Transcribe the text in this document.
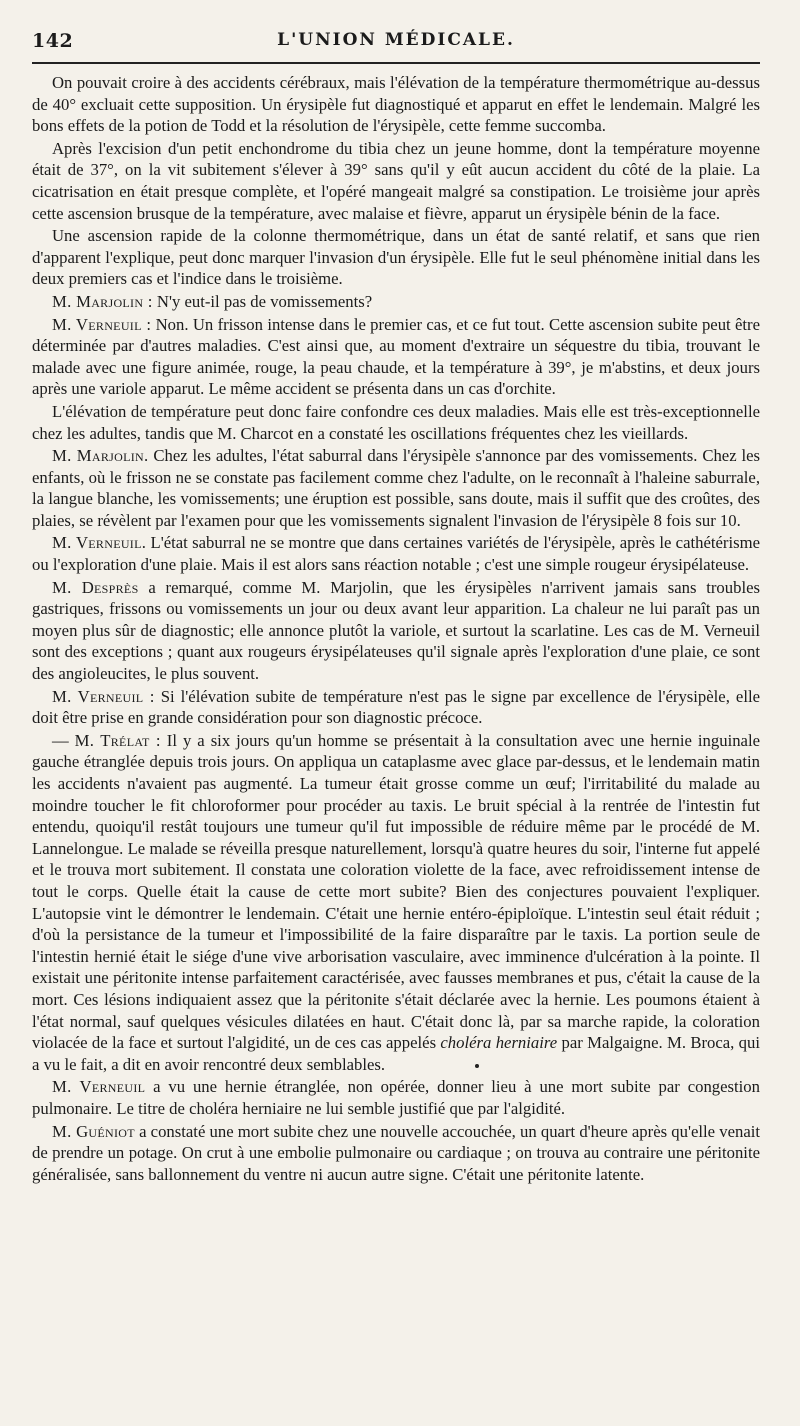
142	L'UNION MÉDICALE.

On pouvait croire à des accidents cérébraux, mais l'élévation de la température thermométrique au-dessus de 40° excluait cette supposition. Un érysipèle fut diagnostiqué et apparut en effet le lendemain. Malgré les bons effets de la potion de Todd et la résolution de l'érysipèle, cette femme succomba.

Après l'excision d'un petit enchondrome du tibia chez un jeune homme, dont la température moyenne était de 37°, on la vit subitement s'élever à 39° sans qu'il y eût aucun accident du côté de la plaie. La cicatrisation en était presque complète, et l'opéré mangeait malgré sa constipation. Le troisième jour après cette ascension brusque de la température, avec malaise et fièvre, apparut un érysipèle bénin de la face.

Une ascension rapide de la colonne thermométrique, dans un état de santé relatif, et sans que rien d'apparent l'explique, peut donc marquer l'invasion d'un érysipèle. Elle fut le seul phénomène initial dans les deux premiers cas et l'indice dans le troisième.

M. Marjolin : N'y eut-il pas de vomissements?

M. Verneuil : Non. Un frisson intense dans le premier cas, et ce fut tout. Cette ascension subite peut être déterminée par d'autres maladies. C'est ainsi que, au moment d'extraire un séquestre du tibia, trouvant le malade avec une figure animée, rouge, la peau chaude, et la température à 39°, je m'abstins, et deux jours après une variole apparut. Le même accident se présenta dans un cas d'orchite.

L'élévation de température peut donc faire confondre ces deux maladies. Mais elle est très-exceptionnelle chez les adultes, tandis que M. Charcot en a constaté les oscillations fréquentes chez les vieillards.

M. Marjolin. Chez les adultes, l'état saburral dans l'érysipèle s'annonce par des vomissements. Chez les enfants, où le frisson ne se constate pas facilement comme chez l'adulte, on le reconnaît à l'haleine saburrale, la langue blanche, les vomissements; une éruption est possible, sans doute, mais il suffit que des croûtes, des plaies, se révèlent par l'examen pour que les vomissements signalent l'invasion de l'érysipèle 8 fois sur 10.

M. Verneuil. L'état saburral ne se montre que dans certaines variétés de l'érysipèle, après le cathétérisme ou l'exploration d'une plaie. Mais il est alors sans réaction notable ; c'est une simple rougeur érysipélateuse.

M. Desprès a remarqué, comme M. Marjolin, que les érysipèles n'arrivent jamais sans troubles gastriques, frissons ou vomissements un jour ou deux avant leur apparition. La chaleur ne lui paraît pas un moyen plus sûr de diagnostic; elle annonce plutôt la variole, et surtout la scarlatine. Les cas de M. Verneuil sont des exceptions ; quant aux rougeurs érysipélateuses qu'il signale après l'exploration d'une plaie, ce sont des angioleucites, le plus souvent.

M. Verneuil : Si l'élévation subite de température n'est pas le signe par excellence de l'érysipèle, elle doit être prise en grande considération pour son diagnostic précoce.

— M. Trélat : Il y a six jours qu'un homme se présentait à la consultation avec une hernie inguinale gauche étranglée depuis trois jours. On appliqua un cataplasme avec glace par-dessus, et le lendemain matin les accidents n'avaient pas augmenté. La tumeur était grosse comme un œuf; l'irritabilité du malade au moindre toucher le fit chloroformer pour procéder au taxis. Le bruit spécial à la rentrée de l'intestin fut entendu, quoiqu'il restât toujours une tumeur qu'il fut impossible de réduire même par le procédé de M. Lannelongue. Le malade se réveilla presque naturellement, lorsqu'à quatre heures du soir, l'interne fut appelé et le trouva mort subitement. Il constata une coloration violette de la face, avec refroidissement intense de tout le corps. Quelle était la cause de cette mort subite? Bien des conjectures pouvaient l'expliquer. L'autopsie vint le démontrer le lendemain. C'était une hernie entéro-épiploïque. L'intestin seul était réduit ; d'où la persistance de la tumeur et l'impossibilité de la faire disparaître par le taxis. La portion seule de l'intestin hernié était le siége d'une vive arborisation vasculaire, avec imminence d'ulcération à la pointe. Il existait une péritonite intense parfaitement caractérisée, avec fausses membranes et pus, c'était la cause de la mort. Ces lésions indiquaient assez que la péritonite s'était déclarée avec la hernie. Les poumons étaient à l'état normal, sauf quelques vésicules dilatées en haut. C'était donc là, par sa marche rapide, la coloration violacée de la face et surtout l'algidité, un de ces cas appelés choléra herniaire par Malgaigne. M. Broca, qui a vu le fait, a dit en avoir rencontré deux semblables.

M. Verneuil a vu une hernie étranglée, non opérée, donner lieu à une mort subite par congestion pulmonaire. Le titre de choléra herniaire ne lui semble justifié que par l'algidité.

M. Guéniot a constaté une mort subite chez une nouvelle accouchée, un quart d'heure après qu'elle venait de prendre un potage. On crut à une embolie pulmonaire ou cardiaque ; on trouva au contraire une péritonite généralisée, sans ballonnement du ventre ni aucun autre signe. C'était une péritonite latente.
